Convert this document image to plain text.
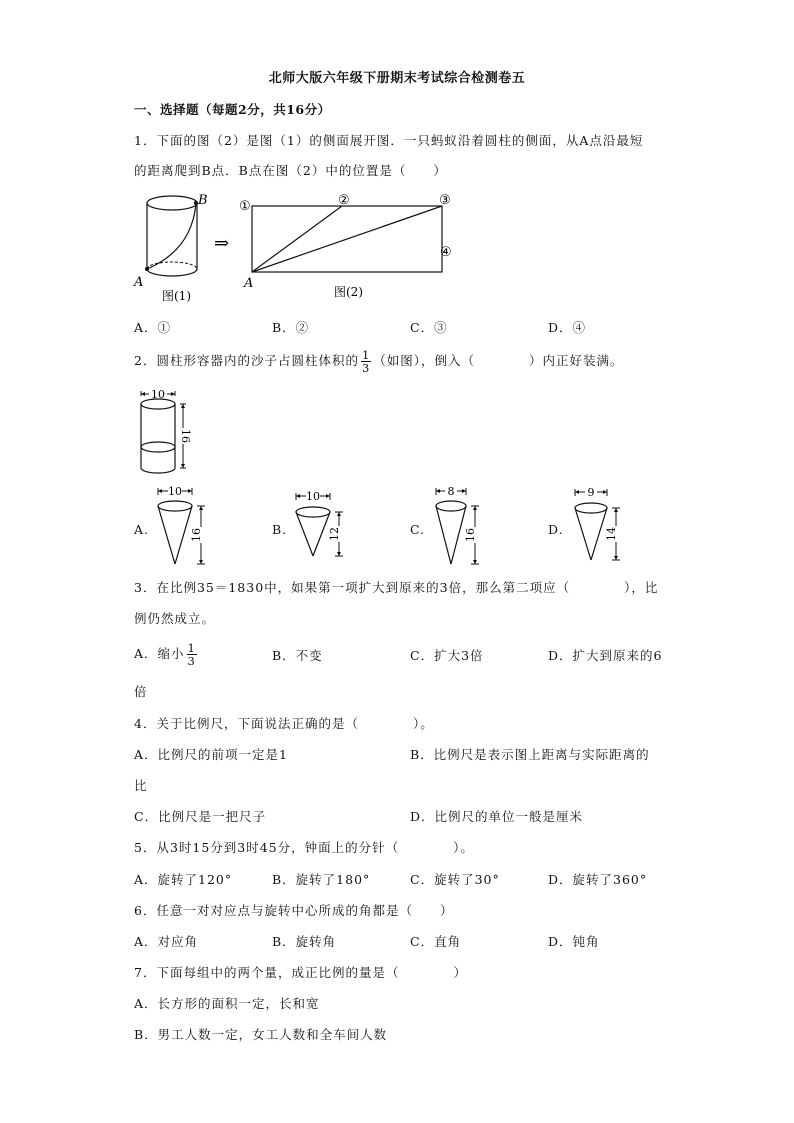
北师大版六年级下册期末考试综合检测卷五
一、选择题（每题2分，共16分）
1．下面的图（2）是图（1）的侧面展开图．一只蚂蚁沿着圆柱的侧面，从A点沿最短
的距离爬到B点．B点在图（2）中的位置是（　　）
B
A
图(1)
⇒
①	②	③
④
A
图(2)
A．①	B．②	C．③	D．④
2．圆柱形容器内的沙子占圆柱体积的 $\frac{1}{3}$ （如图），倒入（　　　　）内正好装满。
10
16
A.
10
16	B.
10
12	C.
8
16	D.
9
14
3．在比例35＝1830中，如果第一项扩大到原来的3倍，那么第二项应（　　　　），比
例仍然成立。
A．缩小 $\frac{1}{3}$	B．不变	C．扩大3倍	D．扩大到原来的6
倍
4．关于比例尺，下面说法正确的是（　　　　）。
A．比例尺的前项一定是1	B．比例尺是表示图上距离与实际距离的
比
C．比例尺是一把尺子	D．比例尺的单位一般是厘米
5．从3时15分到3时45分，钟面上的分针（　　　　）。
A．旋转了120°	B．旋转了180°	C．旋转了30°	D．旋转了360°
6．任意一对对应点与旋转中心所成的角都是（　　）
A．对应角	B．旋转角	C．直角	D．钝角
7．下面每组中的两个量，成正比例的量是（　　　　）
A．长方形的面积一定，长和宽
B．男工人数一定，女工人数和全车间人数
